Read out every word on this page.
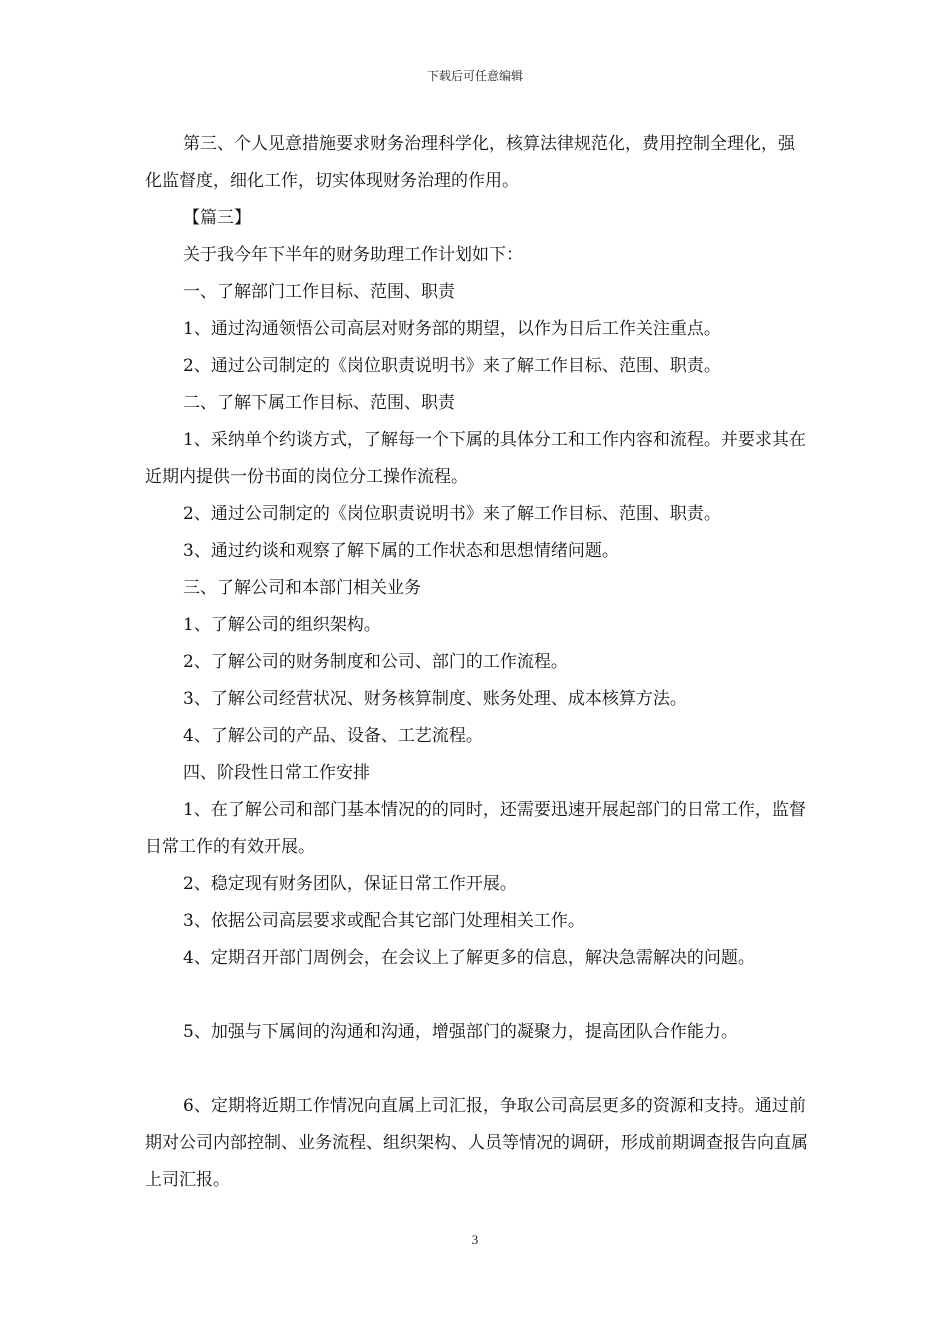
下载后可任意编辑

第三、个人见意措施要求财务治理科学化，核算法律规范化，费用控制全理化，强化监督度，细化工作，切实体现财务治理的作用。

【篇三】

关于我今年下半年的财务助理工作计划如下：

一、了解部门工作目标、范围、职责

1、通过沟通领悟公司高层对财务部的期望，以作为日后工作关注重点。

2、通过公司制定的《岗位职责说明书》来了解工作目标、范围、职责。

二、了解下属工作目标、范围、职责

1、采纳单个约谈方式，了解每一个下属的具体分工和工作内容和流程。并要求其在近期内提供一份书面的岗位分工操作流程。

2、通过公司制定的《岗位职责说明书》来了解工作目标、范围、职责。

3、通过约谈和观察了解下属的工作状态和思想情绪问题。

三、了解公司和本部门相关业务

1、了解公司的组织架构。

2、了解公司的财务制度和公司、部门的工作流程。

3、了解公司经营状况、财务核算制度、账务处理、成本核算方法。

4、了解公司的产品、设备、工艺流程。

四、阶段性日常工作安排

1、在了解公司和部门基本情况的的同时，还需要迅速开展起部门的日常工作，监督日常工作的有效开展。

2、稳定现有财务团队，保证日常工作开展。

3、依据公司高层要求或配合其它部门处理相关工作。

4、定期召开部门周例会，在会议上了解更多的信息，解决急需解决的问题。

5、加强与下属间的沟通和沟通，增强部门的凝聚力，提高团队合作能力。

6、定期将近期工作情况向直属上司汇报，争取公司高层更多的资源和支持。通过前期对公司内部控制、业务流程、组织架构、人员等情况的调研，形成前期调查报告向直属上司汇报。

3
